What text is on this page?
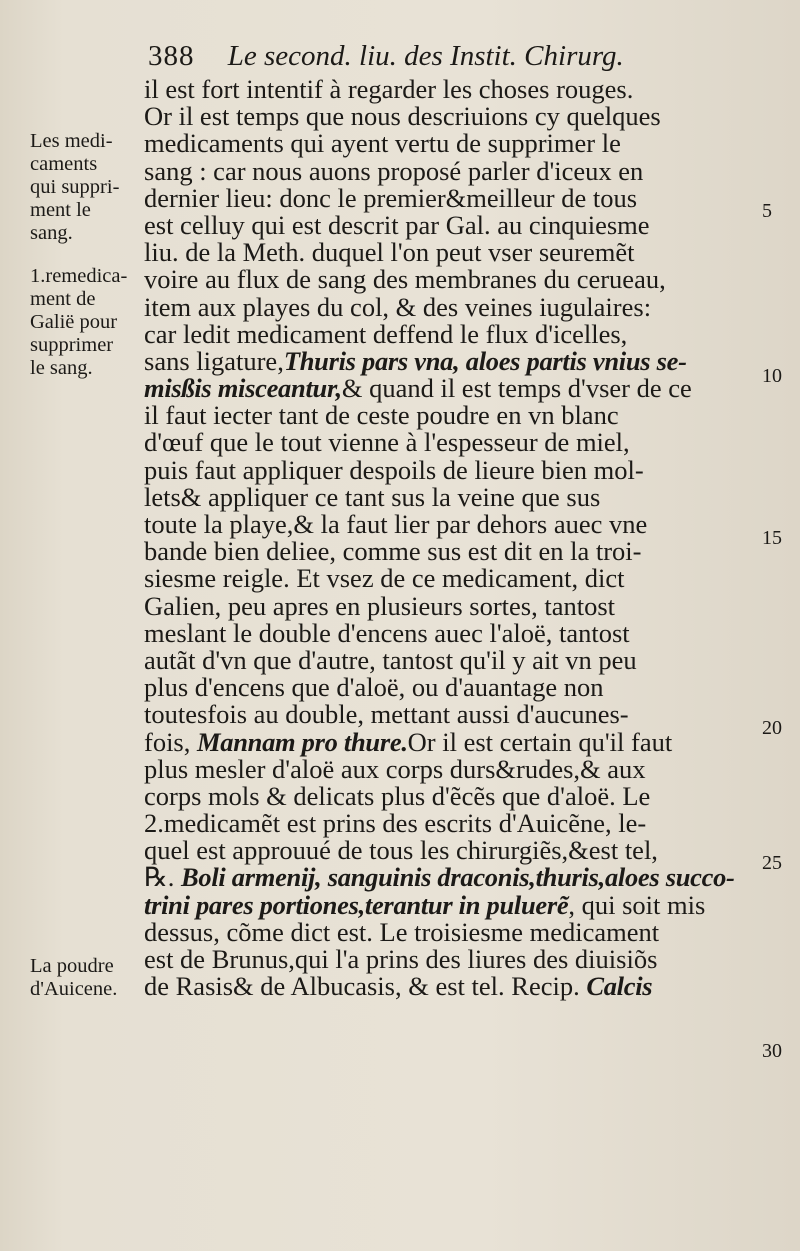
388 Le second. liu. des Instit. Chirurg.
il est fort intentif à regarder les choses rouges.
Or il est temps que nous descriuions cy quelques
medicaments qui ayent vertu de supprimer le
sang : car nous auons proposé parler d'iceux en
dernier lieu: donc le premier&meilleur de tous
est celluy qui est descrit par Gal. au cinquiesme
liu. de la Meth. duquel l'on peut vser seuremẽt
voire au flux de sang des membranes du cerueau,
item aux playes du col, & des veines iugulaires:
car ledit medicament deffend le flux d'icelles,
sans ligature,Thuris pars vna, aloes partis vnius se-
misßis misceantur,& quand il est temps d'vser de ce
il faut iecter tant de ceste poudre en vn blanc
d'œuf que le tout vienne à l'espesseur de miel,
puis faut appliquer despoils de lieure bien mol-
lets& appliquer ce tant sus la veine que sus
toute la playe,& la faut lier par dehors auec vne
bande bien deliee, comme sus est dit en la troi-
siesme reigle. Et vsez de ce medicament, dict
Galien, peu apres en plusieurs sortes, tantost
meslant le double d'encens auec l'aloë, tantost
autãt d'vn que d'autre, tantost qu'il y ait vn peu
plus d'encens que d'aloë, ou d'auantage non
toutesfois au double, mettant aussi d'aucunes-
fois, Mannam pro thure.Or il est certain qu'il faut
plus mesler d'aloë aux corps durs&rudes,& aux
corps mols & delicats plus d'ẽcẽs que d'aloë. Le
2.medicamẽt est prins des escrits d'Auicẽne, le-
quel est approuué de tous les chirurgiẽs,&est tel,
℞. Boli armenij, sanguinis draconis,thuris,aloes succo-
trini pares portiones,terantur in puluerẽ, qui soit mis
dessus, cõme dict est. Le troisiesme medicament
est de Brunus,qui l'a prins des liures des diuisiõs
de Rasis& de Albucasis, & est tel. Recip. Calcis
Les medi-
caments
qui suppri-
ment le
sang.
1.remedica-
ment de
Galië pour
supprimer
le sang.
La poudre
d'Auicene.
5
10
15
20
25
30
